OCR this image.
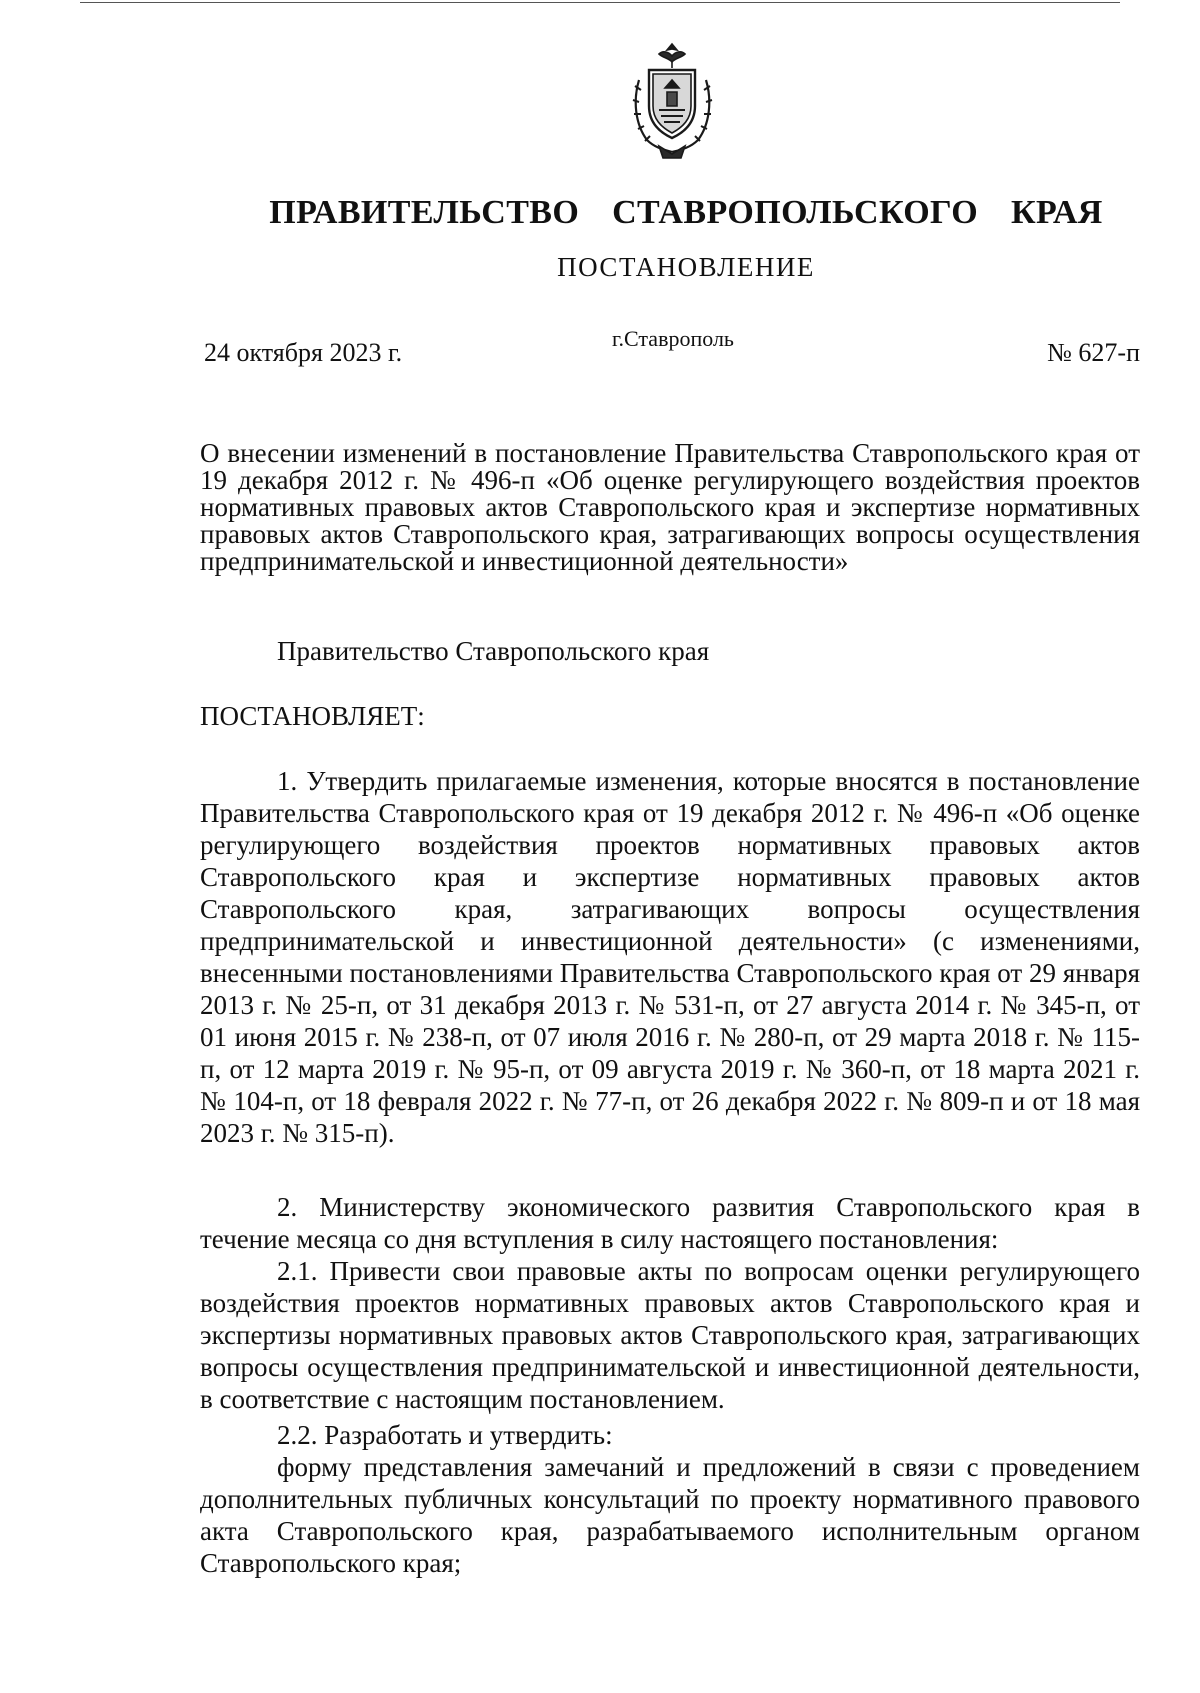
ПРАВИТЕЛЬСТВО СТАВРОПОЛЬСКОГО КРАЯ
ПОСТАНОВЛЕНИЕ
24 октября 2023 г.	г.Ставрополь	№ 627-п

О внесении изменений в постановление Правительства Ставропольского края от 19 декабря 2012 г. № 496-п «Об оценке регулирующего воздействия проектов нормативных правовых актов Ставропольского края и экспертизе нормативных правовых актов Ставропольского края, затрагивающих вопросы осуществления предпринимательской и инвестиционной деятельности»

Правительство Ставропольского края

ПОСТАНОВЛЯЕТ:

1. Утвердить прилагаемые изменения, которые вносятся в постановление Правительства Ставропольского края от 19 декабря 2012 г. № 496-п «Об оценке регулирующего воздействия проектов нормативных правовых актов Ставропольского края и экспертизе нормативных правовых актов Ставропольского края, затрагивающих вопросы осуществления предпринимательской и инвестиционной деятельности» (с изменениями, внесенными постановлениями Правительства Ставропольского края от 29 января 2013 г. № 25-п, от 31 декабря 2013 г. № 531-п, от 27 августа 2014 г. № 345-п, от 01 июня 2015 г. № 238-п, от 07 июля 2016 г. № 280-п, от 29 марта 2018 г. № 115-п, от 12 марта 2019 г. № 95-п, от 09 августа 2019 г. № 360-п, от 18 марта 2021 г. № 104-п, от 18 февраля 2022 г. № 77-п, от 26 декабря 2022 г. № 809-п и от 18 мая 2023 г. № 315-п).

2. Министерству экономического развития Ставропольского края в течение месяца со дня вступления в силу настоящего постановления:

2.1. Привести свои правовые акты по вопросам оценки регулирующего воздействия проектов нормативных правовых актов Ставропольского края и экспертизы нормативных правовых актов Ставропольского края, затрагивающих вопросы осуществления предпринимательской и инвестиционной деятельности, в соответствие с настоящим постановлением.

2.2. Разработать и утвердить:

форму представления замечаний и предложений в связи с проведением дополнительных публичных консультаций по проекту нормативного правового акта Ставропольского края, разрабатываемого исполнительным органом Ставропольского края;
